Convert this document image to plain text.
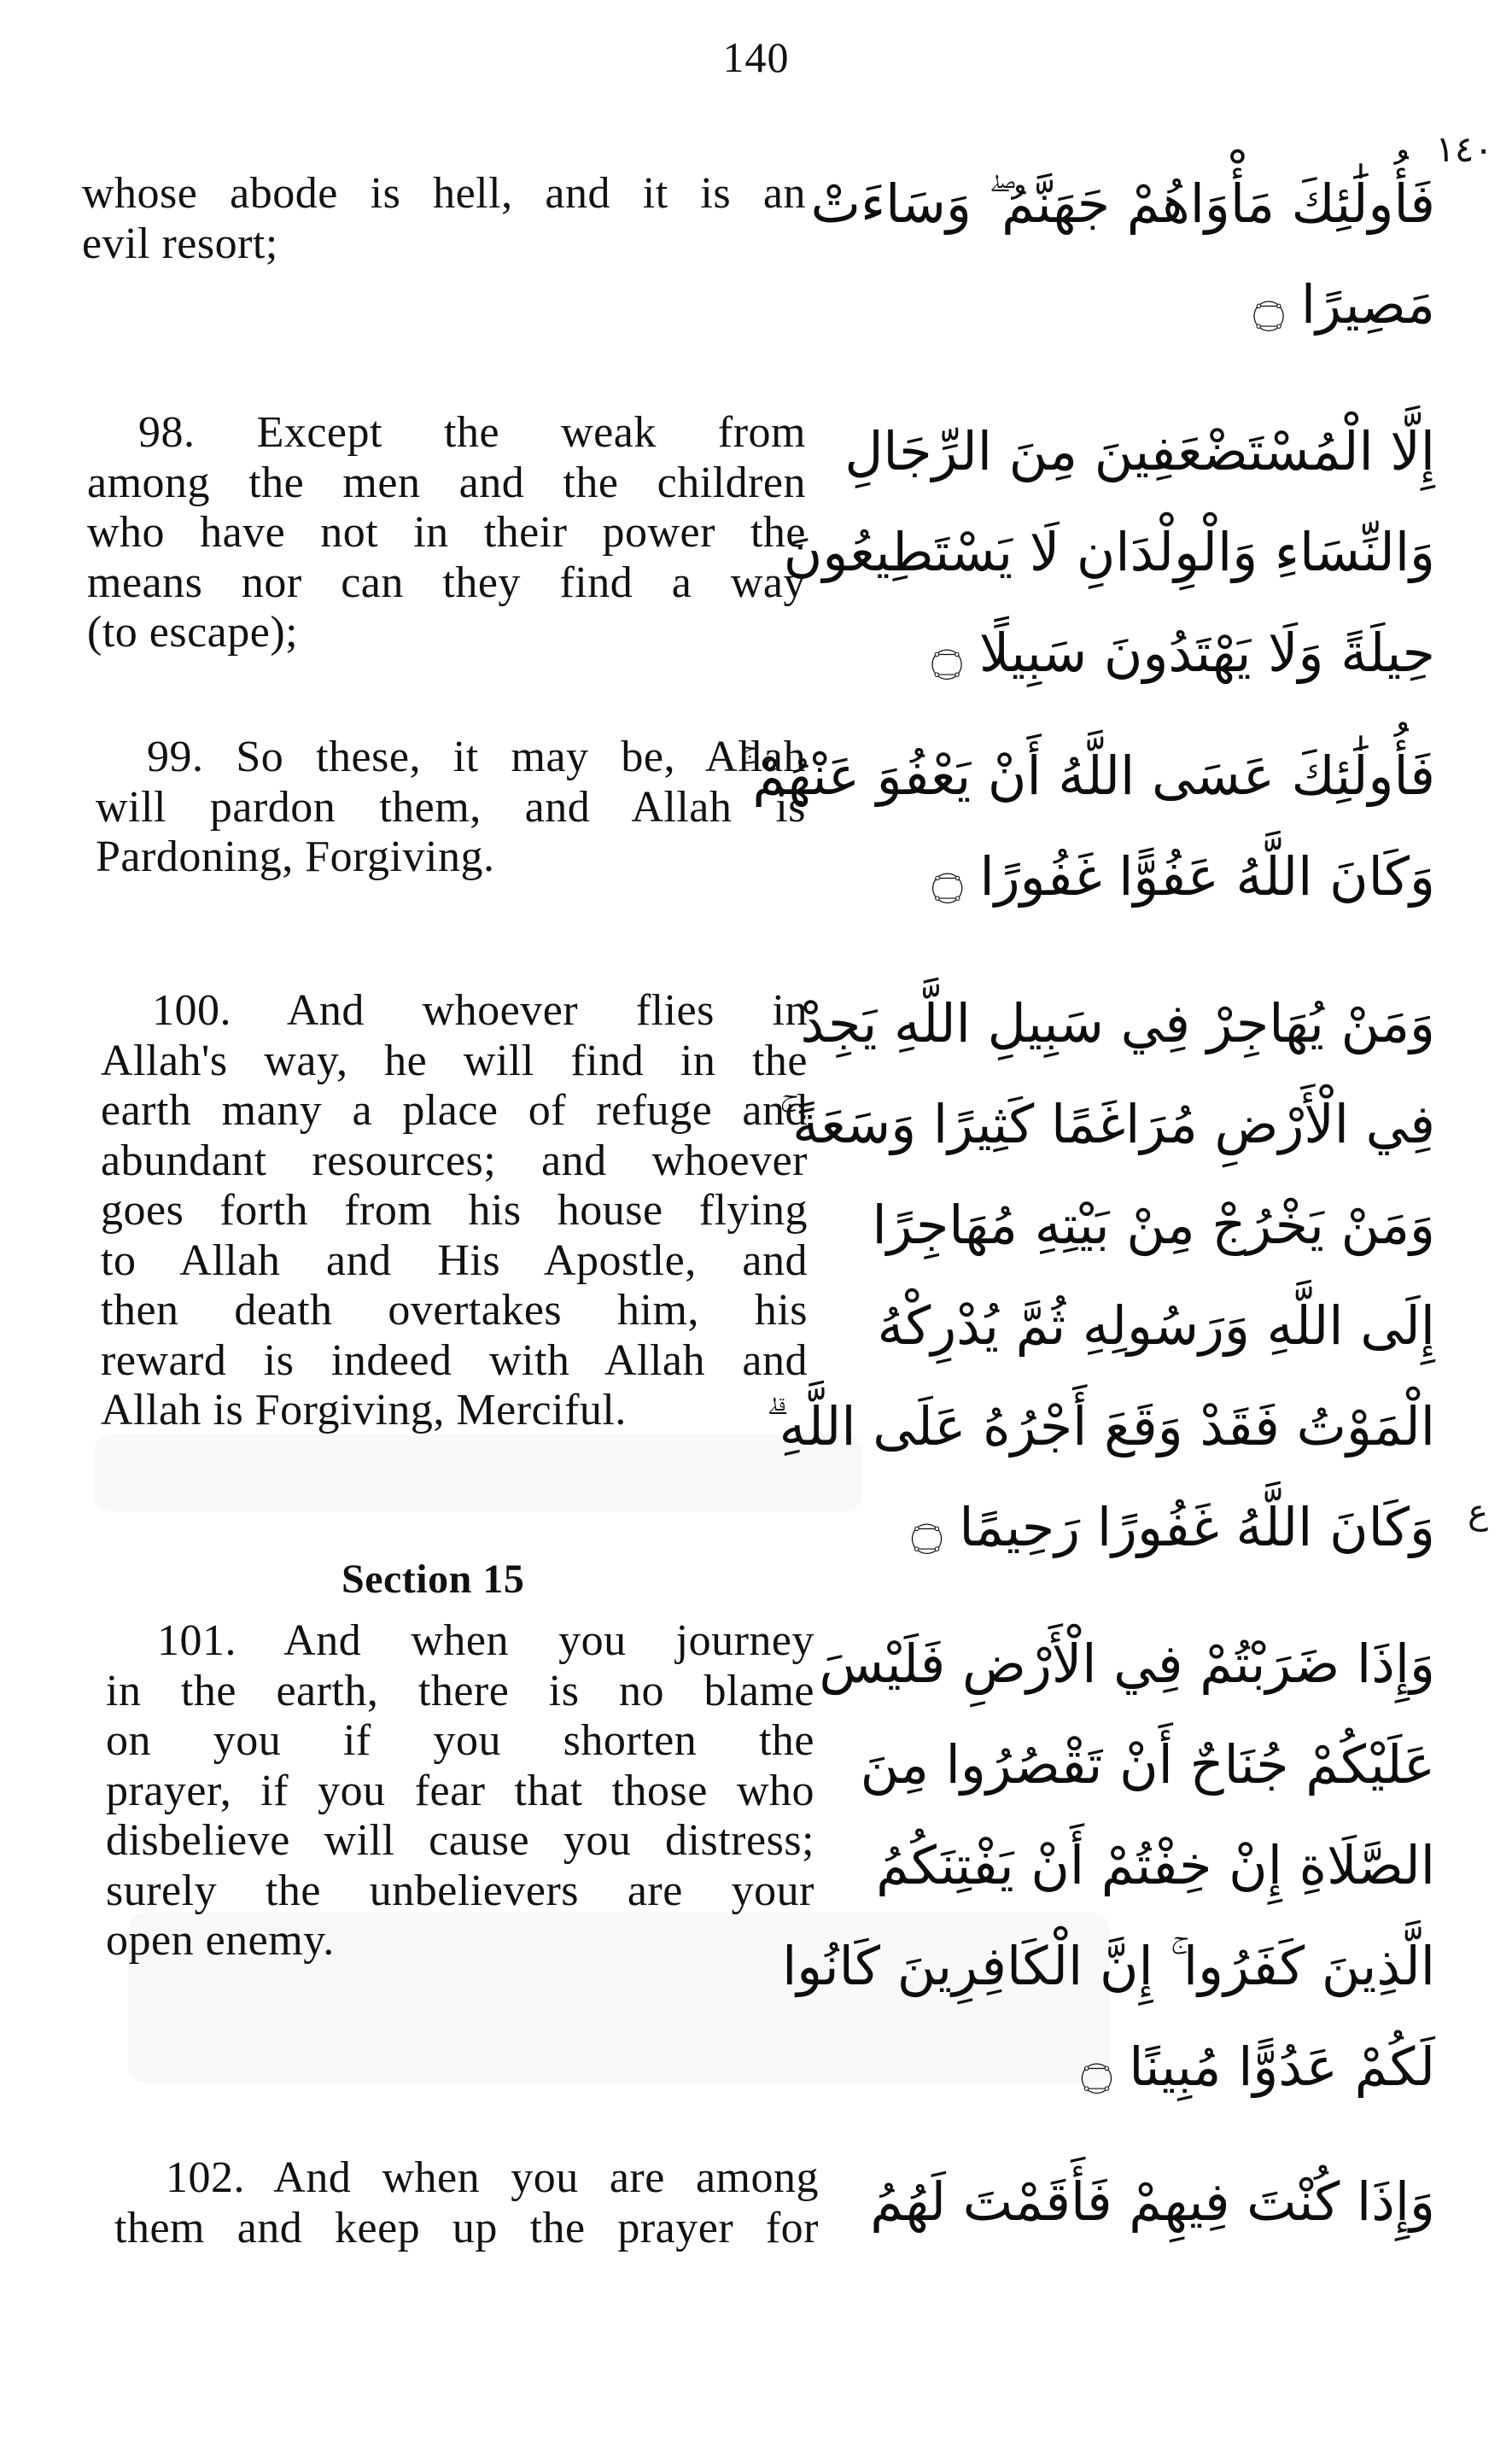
140
١٤٠
ع
whose abode is hell, and it is an
evil resort;
98. Except the weak from
among the men and the children
who have not in their power the
means nor can they find a way
(to escape);
99. So these, it may be, Allah
will pardon them, and Allah is
Pardoning, Forgiving.
100. And whoever flies in
Allah's way, he will find in the
earth many a place of refuge and
abundant resources; and whoever
goes forth from his house flying
to Allah and His Apostle, and
then death overtakes him, his
reward is indeed with Allah and
Allah is Forgiving, Merciful.
Section 15
101. And when you journey
in the earth, there is no blame
on you if you shorten the
prayer, if you fear that those who
disbelieve will cause you distress;
surely the unbelievers are your
open enemy.
102. And when you are among
them and keep up the prayer for
فَأُولَٰئِكَ مَأْوَاهُمْ جَهَنَّمُ ۖ وَسَاءَتْ
مَصِيرًا ۝
إِلَّا الْمُسْتَضْعَفِينَ مِنَ الرِّجَالِ
وَالنِّسَاءِ وَالْوِلْدَانِ لَا يَسْتَطِيعُونَ
حِيلَةً وَلَا يَهْتَدُونَ سَبِيلًا ۝
فَأُولَٰئِكَ عَسَى اللَّهُ أَنْ يَعْفُوَ عَنْهُمْ ۚ
وَكَانَ اللَّهُ عَفُوًّا غَفُورًا ۝
وَمَنْ يُهَاجِرْ فِي سَبِيلِ اللَّهِ يَجِدْ
فِي الْأَرْضِ مُرَاغَمًا كَثِيرًا وَسَعَةً ۚ
وَمَنْ يَخْرُجْ مِنْ بَيْتِهِ مُهَاجِرًا
إِلَى اللَّهِ وَرَسُولِهِ ثُمَّ يُدْرِكْهُ
الْمَوْتُ فَقَدْ وَقَعَ أَجْرُهُ عَلَى اللَّهِ ۗ
وَكَانَ اللَّهُ غَفُورًا رَحِيمًا ۝
وَإِذَا ضَرَبْتُمْ فِي الْأَرْضِ فَلَيْسَ
عَلَيْكُمْ جُنَاحٌ أَنْ تَقْصُرُوا مِنَ
الصَّلَاةِ إِنْ خِفْتُمْ أَنْ يَفْتِنَكُمُ
الَّذِينَ كَفَرُوا ۚ إِنَّ الْكَافِرِينَ كَانُوا
لَكُمْ عَدُوًّا مُبِينًا ۝
وَإِذَا كُنْتَ فِيهِمْ فَأَقَمْتَ لَهُمُ
